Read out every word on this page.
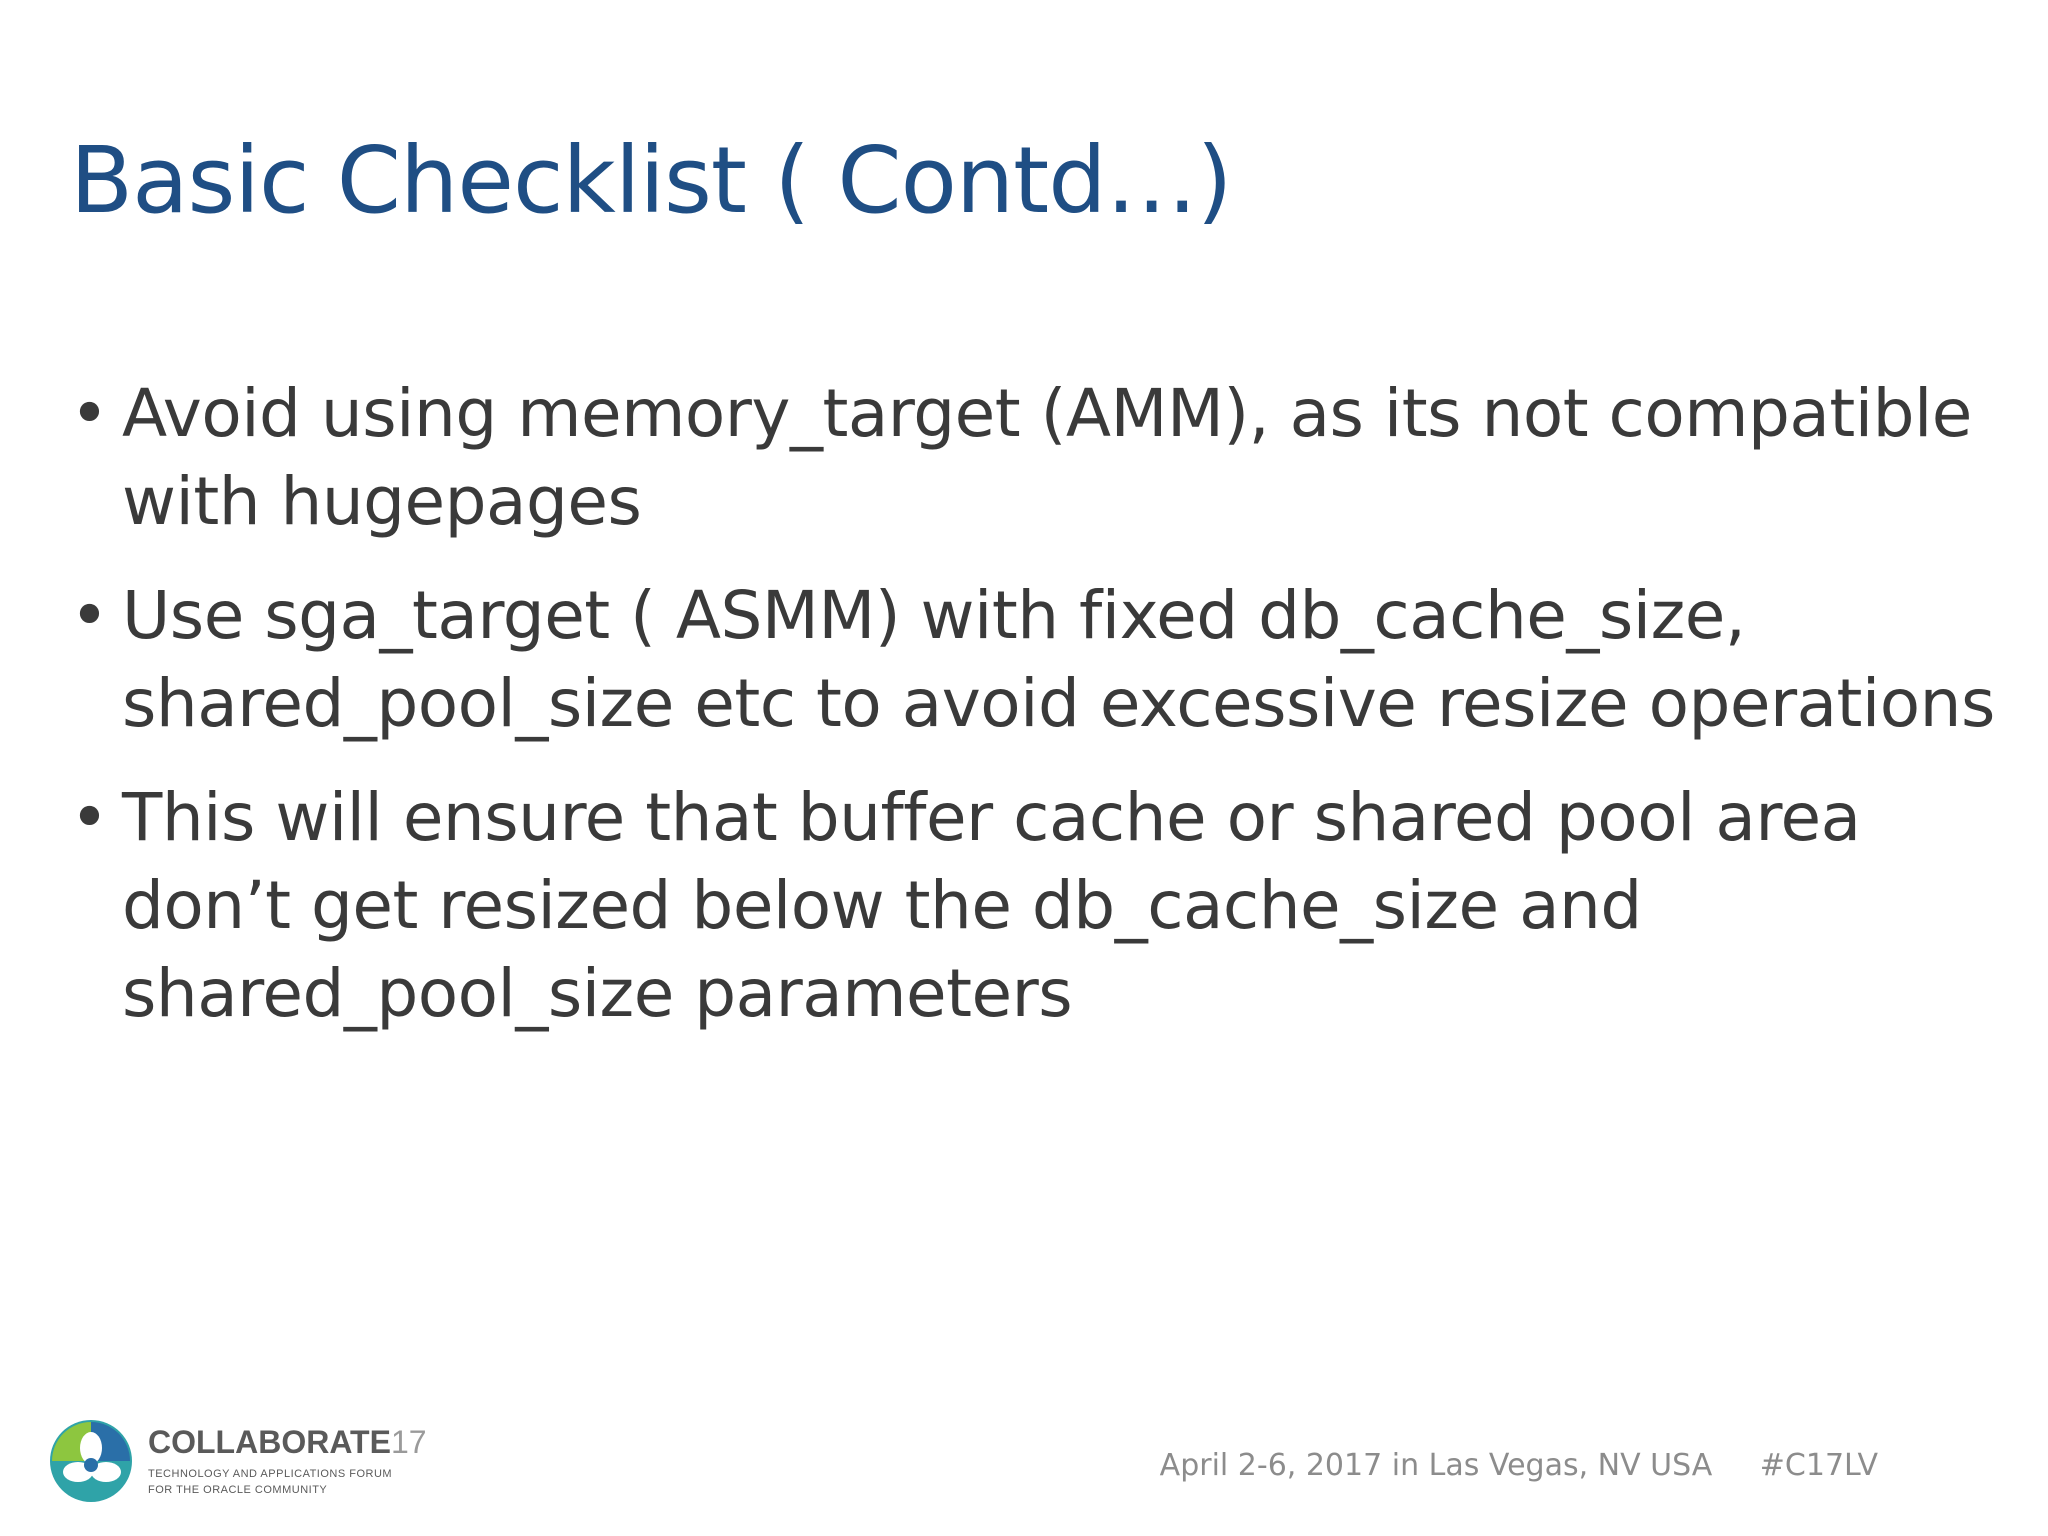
Basic Checklist ( Contd…)
• Avoid using memory_target (AMM), as its not compatible with hugepages
• Use sga_target ( ASMM) with fixed db_cache_size, shared_pool_size etc to avoid excessive resize operations
• This will ensure that buffer cache or shared pool area don’t get resized below the db_cache_size and shared_pool_size parameters
COLLABORATE17
TECHNOLOGY AND APPLICATIONS FORUM
FOR THE ORACLE COMMUNITY
April 2-6, 2017 in Las Vegas, NV USA #C17LV
